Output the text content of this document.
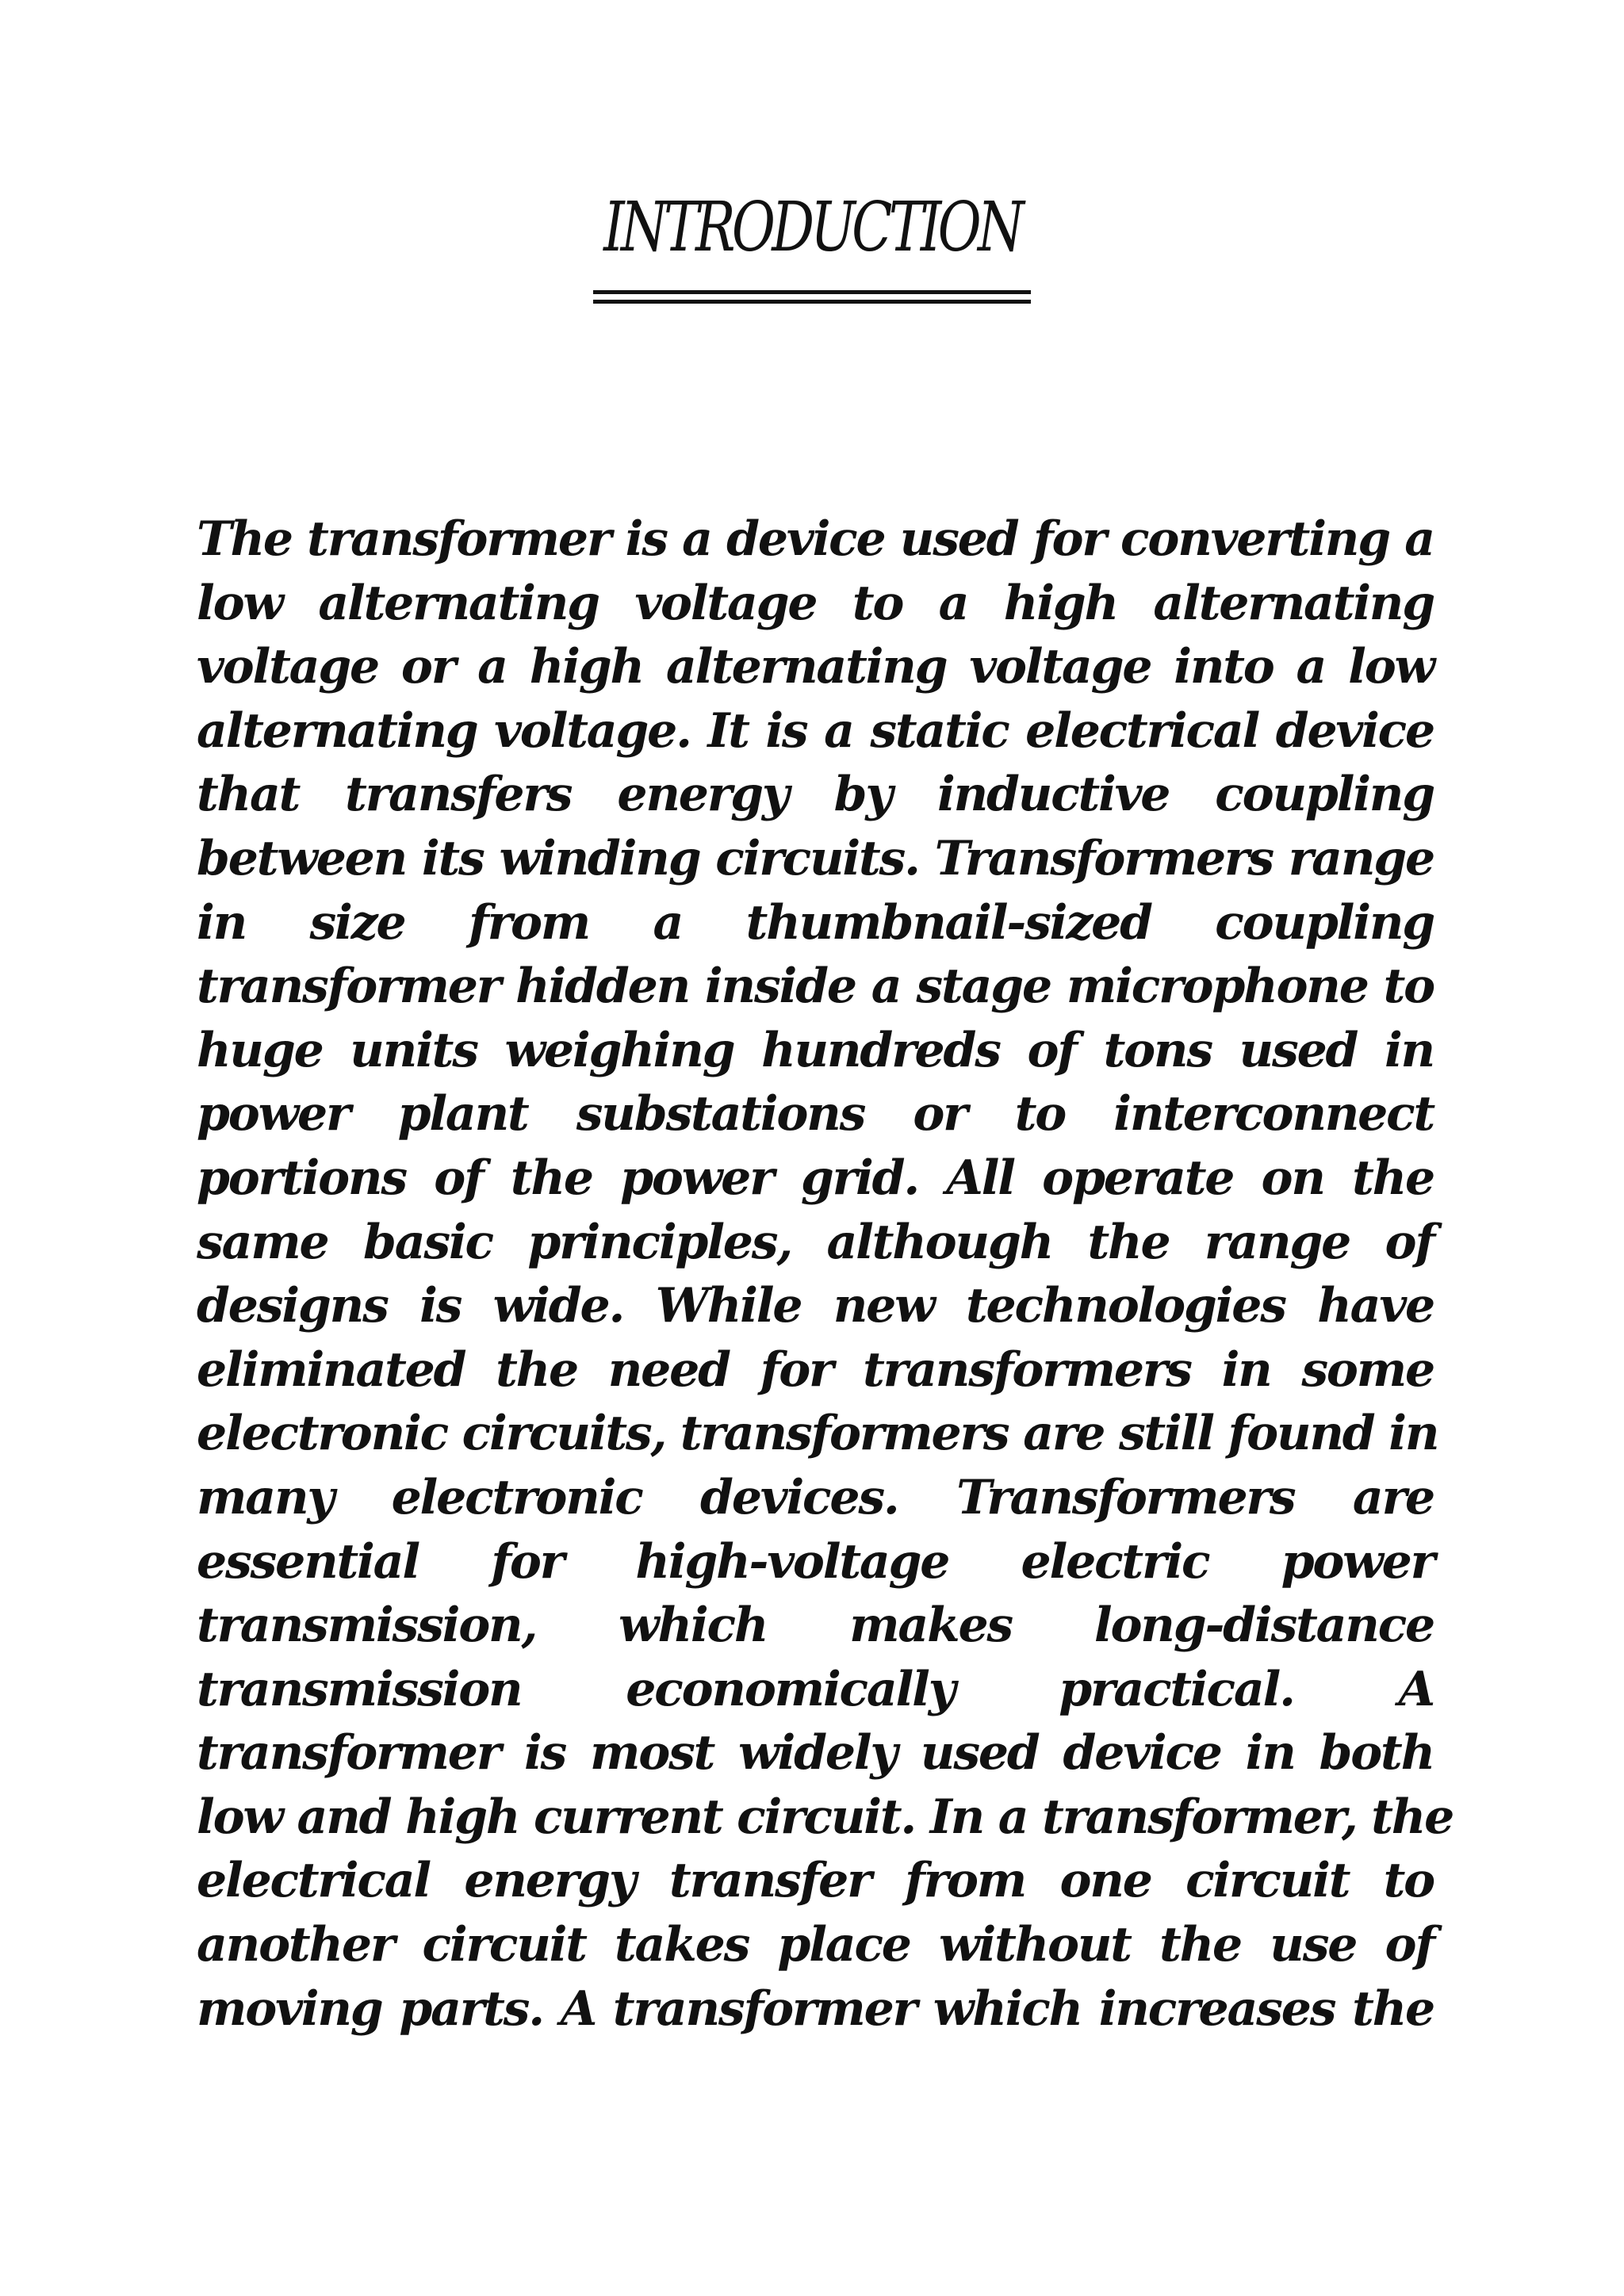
INTRODUCTION
The transformer is a device used for converting a
low alternating voltage to a high alternating
voltage or a high alternating voltage into a low
alternating voltage. It is a static electrical device
that transfers energy by inductive coupling
between its winding circuits. Transformers range
in size from a thumbnail-sized coupling
transformer hidden inside a stage microphone to
huge units weighing hundreds of tons used in
power plant substations or to interconnect
portions of the power grid. All operate on the
same basic principles, although the range of
designs is wide. While new technologies have
eliminated the need for transformers in some
electronic circuits, transformers are still found in
many electronic devices. Transformers are
essential for high-voltage electric power
transmission, which makes long-distance
transmission economically practical. A
transformer is most widely used device in both
low and high current circuit. In a transformer, the
electrical energy transfer from one circuit to
another circuit takes place without the use of
moving parts. A transformer which increases the
